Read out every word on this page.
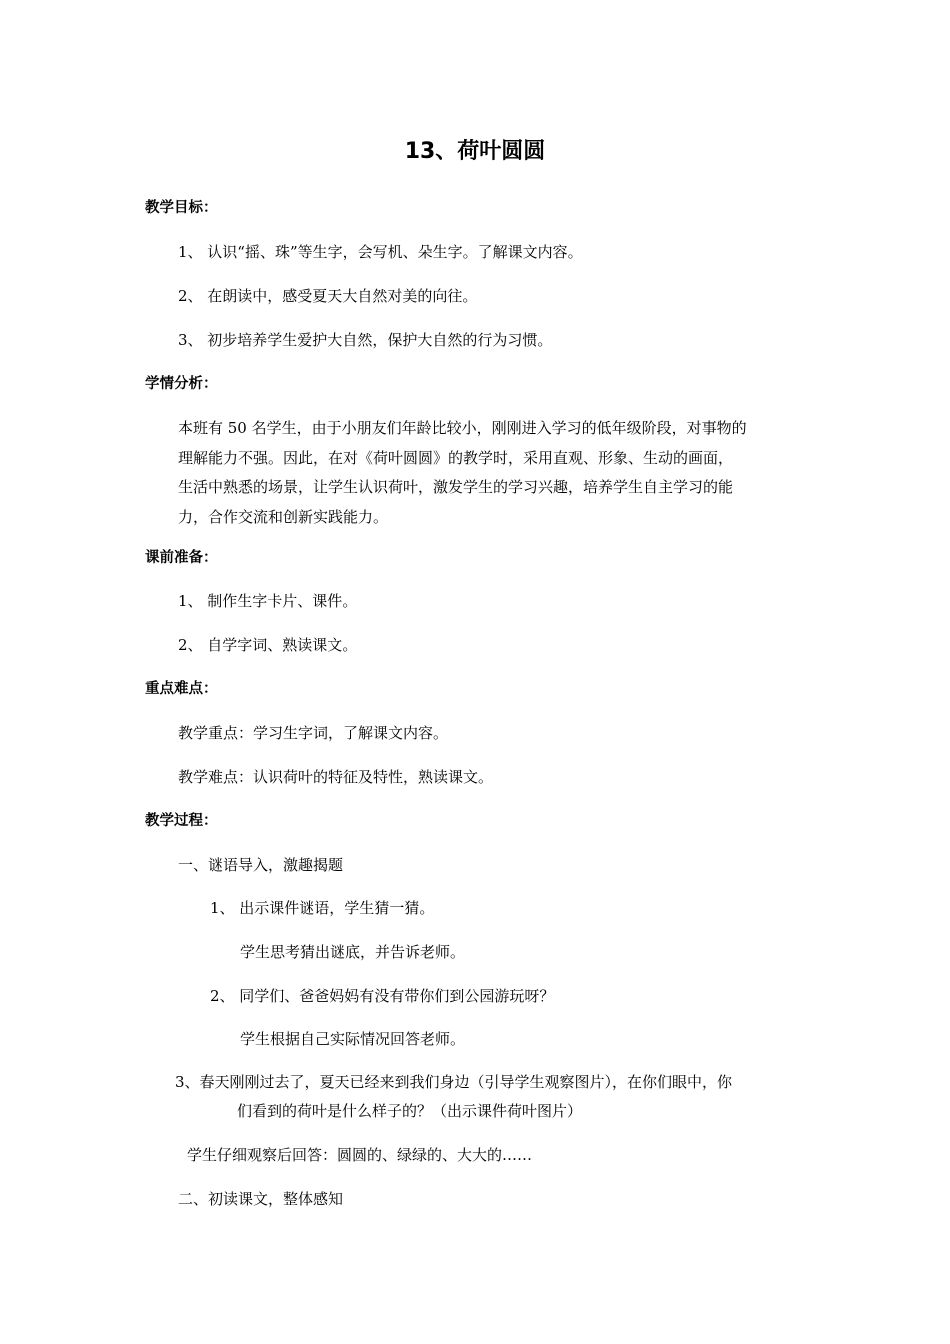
13、荷叶圆圆
教学目标：
1、 认识“摇、珠”等生字，会写机、朵生字。了解课文内容。
2、 在朗读中，感受夏天大自然对美的向往。
3、 初步培养学生爱护大自然，保护大自然的行为习惯。
学情分析：
本班有 50 名学生，由于小朋友们年龄比较小，刚刚进入学习的低年级阶段，对事物的
理解能力不强。因此，在对《荷叶圆圆》的教学时，采用直观、形象、生动的画面，
生活中熟悉的场景，让学生认识荷叶，激发学生的学习兴趣，培养学生自主学习的能
力，合作交流和创新实践能力。
课前准备：
1、 制作生字卡片、课件。
2、 自学字词、熟读课文。
重点难点：
教学重点：学习生字词，了解课文内容。
教学难点：认识荷叶的特征及特性，熟读课文。
教学过程：
一、谜语导入，激趣揭题
1、 出示课件谜语，学生猜一猜。
学生思考猜出谜底，并告诉老师。
2、 同学们、爸爸妈妈有没有带你们到公园游玩呀？
学生根据自己实际情况回答老师。
3、春天刚刚过去了，夏天已经来到我们身边（引导学生观察图片），在你们眼中，你
们看到的荷叶是什么样子的？（出示课件荷叶图片）
学生仔细观察后回答：圆圆的、绿绿的、大大的……
二、初读课文，整体感知
